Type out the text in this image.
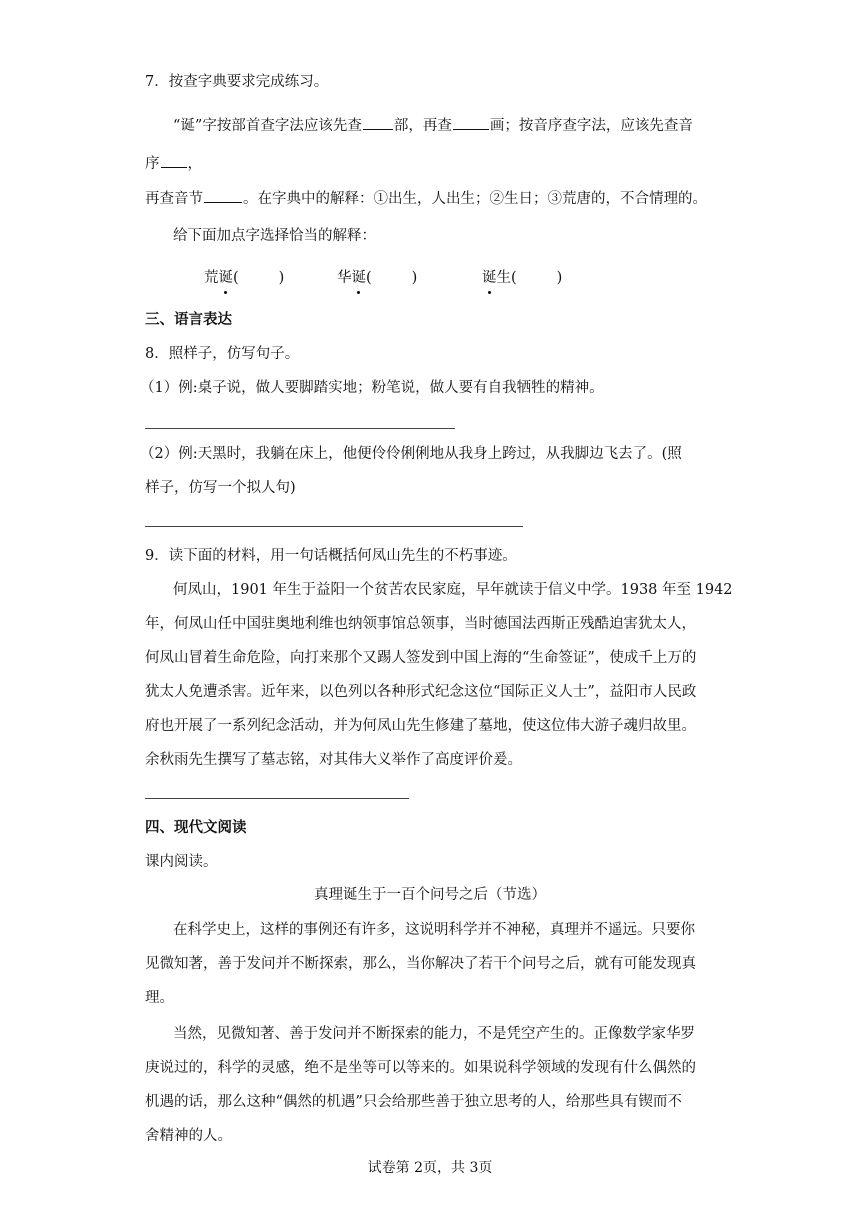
7．按查字典要求完成练习。
“诞”字按部首查字法应该先查 部，再查	画；按音序查字法，应该先查音
序 ，
再查音节	。在字典中的解释：①出生，人出生；②生日；③荒唐的，不合情理的。
给下面加点字选择恰当的解释：
荒诞(	)	华诞(	)	诞生(	)
三、语言表达
8．照样子，仿写句子。
（1）例:桌子说，做人要脚踏实地；粉笔说，做人要有自我牺牲的精神。
（2）例:天黑时，我躺在床上，他便伶伶俐俐地从我身上跨过，从我脚边飞去了。(照
样子，仿写一个拟人句)
9．读下面的材料，用一句话概括何凤山先生的不朽事迹。
何凤山，1901 年生于益阳一个贫苦农民家庭，早年就读于信义中学。1938 年至 1942
年，何凤山任中国驻奥地利维也纳领事馆总领事，当时德国法西斯正残酷迫害犹太人，
何凤山冒着生命危险，向打来那个又踢人签发到中国上海的“生命签证”，使成千上万的
犹太人免遭杀害。近年来，以色列以各种形式纪念这位“国际正义人士”，益阳市人民政
府也开展了一系列纪念活动，并为何凤山先生修建了墓地，使这位伟大游子魂归故里。
余秋雨先生撰写了墓志铭，对其伟大义举作了高度评价爰。
四、现代文阅读
课内阅读。
真理诞生于一百个问号之后（节选）
在科学史上，这样的事例还有许多，这说明科学并不神秘，真理并不遥远。只要你
见微知著，善于发问并不断探索，那么，当你解决了若干个问号之后，就有可能发现真
理。
当然，见微知著、善于发问并不断探索的能力，不是凭空产生的。正像数学家华罗
庚说过的，科学的灵感，绝不是坐等可以等来的。如果说科学领域的发现有什么偶然的
机遇的话，那么这种“偶然的机遇”只会给那些善于独立思考的人，给那些具有锲而不
舍精神的人。
试卷第 2页，共 3页
